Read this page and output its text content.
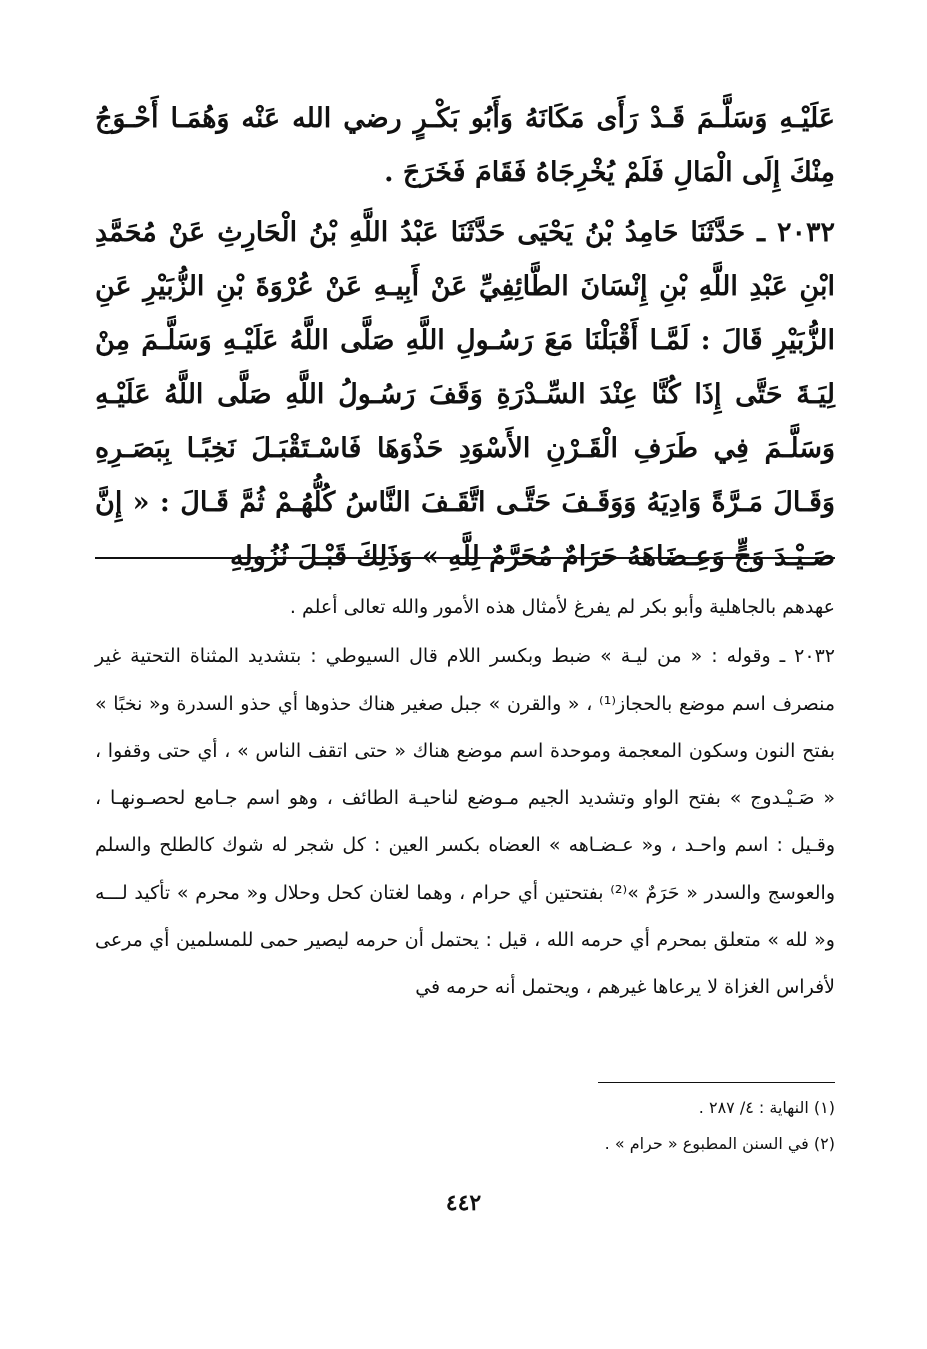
عَلَيْـهِ وَسَلَّـمَ قَـدْ رَأَى مَكَانَهُ وَأَبُو بَكْـرٍ رضي الله عَنْه وَهُمَـا أَحْـوَجُ مِنْكَ إِلَى الْمَالِ فَلَمْ يُخْرِجَاهُ فَقَامَ فَخَرَجَ .

٢٠٣٢ ـ حَدَّثَنَا حَامِدُ بْنُ يَحْيَى حَدَّثَنَا عَبْدُ اللَّهِ بْنُ الْحَارِثِ عَنْ مُحَمَّدِ ابْنِ عَبْدِ اللَّهِ بْنِ إِنْسَانَ الطَّائِفِيِّ عَنْ أَبِيـهِ عَنْ عُرْوَةَ بْنِ الزُّبَيْرِ عَنِ الزُّبَيْرِ قَالَ : لَمَّـا أَقْبَلْنَا مَعَ رَسُـولِ اللَّهِ صَلَّى اللَّهُ عَلَيْـهِ وَسَلَّـمَ مِنْ لِيَـةَ حَتَّى إِذَا كُنَّا عِنْدَ السِّـدْرَةِ وَقَفَ رَسُـولُ اللَّهِ صَلَّى اللَّهُ عَلَيْـهِ وَسَلَّـمَ فِي طَرَفِ الْقَـرْنِ الأَسْوَدِ حَذْوَهَا فَاسْـتَقْبَـلَ نَخِبًـا بِبَصَـرِهِ وَقَـالَ مَـرَّةً وَادِيَهُ وَوَقَـفَ حَتَّـى اتَّقَـفَ النَّاسُ كُلُّهُـمْ ثُمَّ قَـالَ : « إِنَّ صَـيْـدَ وَجٍّ وَعِـضَاهَهُ حَرَامٌ مُحَرَّمٌ لِلَّهِ » وَذَلِكَ قَبْـلَ نُزُولِهِ

عهدهم بالجاهلية وأبو بكر لم يفرغ لأمثال هذه الأمور والله تعالى أعلم .

٢٠٣٢ ـ وقوله : « من ليـة » ضبط وبكسر اللام قال السيوطي : بتشديد المثناة التحتية غير منصرف اسم موضع بالحجاز⁽¹⁾ ، « والقرن » جبل صغير هناك حذوها أي حذو السدرة و« نخبًا » بفتح النون وسكون المعجمة وموحدة اسم موضع هناك « حتى اتقف الناس » ، أي حتى وقفوا ، « صَـيْـدوج » بفتح الواو وتشديد الجيم مـوضع لناحيـة الطائف ، وهو اسم جـامع لحصـونهـا ، وقـيل : اسم واحـد ، و« عـضـاهه » العضاه بكسر العين : كل شجر له شوك كالطلح والسلم والعوسج والسدر « حَرَمٌ »⁽²⁾ بفتحتين أي حرام ، وهما لغتان كحل وحلال و« محرم » تأكيد لـــه و« لله » متعلق بمحرم أي حرمه الله ، قيل : يحتمل أن حرمه ليصير حمى للمسلمين أي مرعى لأفراس الغزاة لا يرعاها غيرهم ، ويحتمل أنه حرمه في

(١) النهاية : ٤/ ٢٨٧ .
(٢) في السنن المطبوع « حرام » .
٤٤٢
